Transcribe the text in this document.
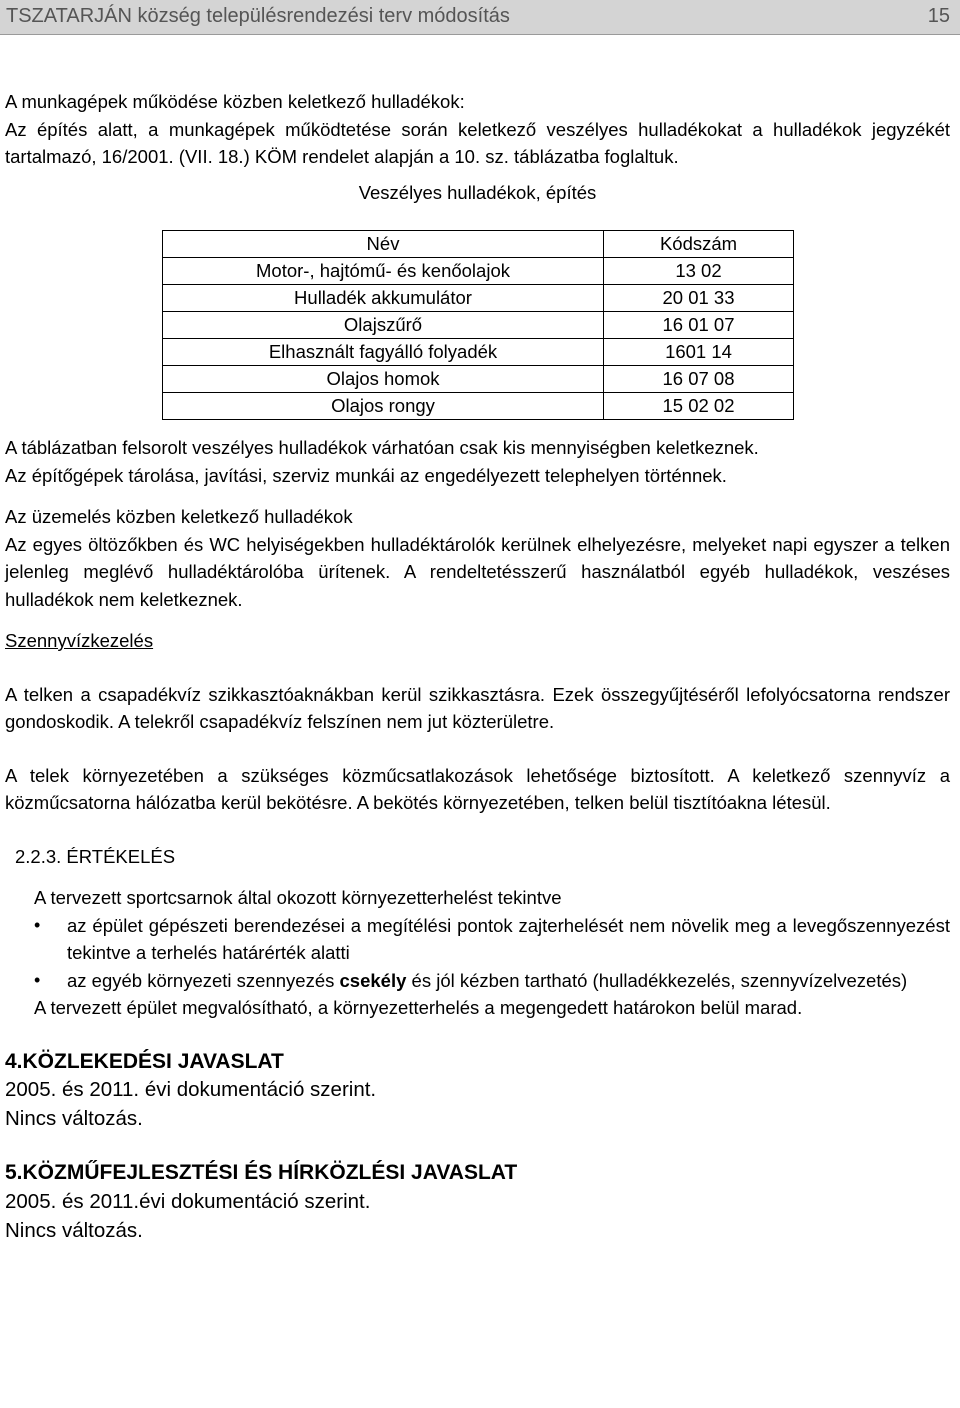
TSZATARJÁN község településrendezési terv módosítás	15

A munkagépek működése közben keletkező hulladékok:

Az építés alatt, a munkagépek működtetése során keletkező veszélyes hulladékokat a hulladékok jegyzékét tartalmazó, 16/2001. (VII. 18.) KÖM rendelet alapján a 10. sz. táblázatba foglaltuk.

Veszélyes hulladékok, építés

Név	Kódszám
Motor-, hajtómű- és kenőolajok	13 02
Hulladék akkumulátor	20 01 33
Olajszűrő	16 01 07
Elhasznált fagyálló folyadék	1601 14
Olajos homok	16 07 08
Olajos rongy	15 02 02

A táblázatban felsorolt veszélyes hulladékok várhatóan csak kis mennyiségben keletkeznek.

Az építőgépek tárolása, javítási, szerviz munkái az engedélyezett telephelyen történnek.

Az üzemelés közben keletkező hulladékok

Az egyes öltözőkben és WC helyiségekben hulladéktárolók kerülnek elhelyezésre, melyeket napi egyszer a telken jelenleg meglévő hulladéktárolóba ürítenek. A rendeltetésszerű használatból egyéb hulladékok, veszéses hulladékok nem keletkeznek.

Szennyvízkezelés

A telken a csapadékvíz szikkasztóaknákban kerül szikkasztásra. Ezek összegyűjtéséről lefolyócsatorna rendszer gondoskodik. A telekről csapadékvíz felszínen nem jut közterületre.

A telek környezetében a szükséges közműcsatlakozások lehetősége biztosított. A keletkező szennyvíz a közműcsatorna hálózatba kerül bekötésre. A bekötés környezetében, telken belül tisztítóakna létesül.

2.2.3. ÉRTÉKELÉS

A tervezett sportcsarnok által okozott környezetterhelést tekintve

• az épület gépészeti berendezései a megítélési pontok zajterhelését nem növelik meg a levegőszennyezést tekintve a terhelés határérték alatti
• az egyéb környezeti szennyezés csekély és jól kézben tartható (hulladékkezelés, szennyvízelvezetés)

A tervezett épület megvalósítható, a környezetterhelés a megengedett határokon belül marad.

4.KÖZLEKEDÉSI JAVASLAT

2005. és 2011. évi dokumentáció szerint.

Nincs változás.

5.KÖZMŰFEJLESZTÉSI ÉS HÍRKÖZLÉSI JAVASLAT

2005. és 2011.évi dokumentáció szerint.

Nincs változás.
